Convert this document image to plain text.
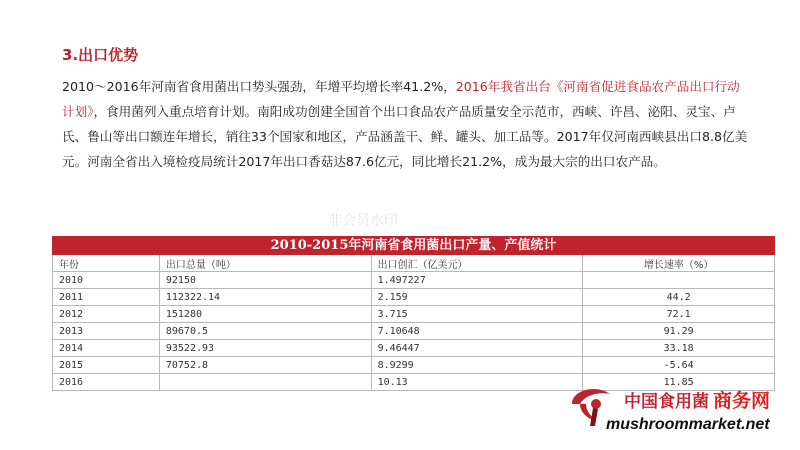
3.出口优势
2010～2016年河南省食用菌出口势头强劲，年增平均增长率41.2%，2016年我省出台《河南省促进食品农产品出口行动计划》，食用菌列入重点培育计划。南阳成功创建全国首个出口食品农产品质量安全示范市，西峡、许昌、泌阳、灵宝、卢氏、鲁山等出口额连年增长，销往33个国家和地区，产品涵盖干、鲜、罐头、加工品等。2017年仅河南西峡县出口8.8亿美元。河南全省出入境检疫局统计2017年出口香菇达87.6亿元，同比增长21.2%，成为最大宗的出口农产品。
非会员水印
2010-2015年河南省食用菌出口产量、产值统计
年份	出口总量（吨）	出口创汇（亿美元）	增长速率（%）
2010	92150	1.497227	
2011	112322.14	2.159	44.2
2012	151280	3.715	72.1
2013	89670.5	7.10648	91.29
2014	93522.93	9.46447	33.18
2015	70752.8	8.9299	-5.64
2016		10.13	11.85
中国食用菌 商务网
mushroommarket.net
